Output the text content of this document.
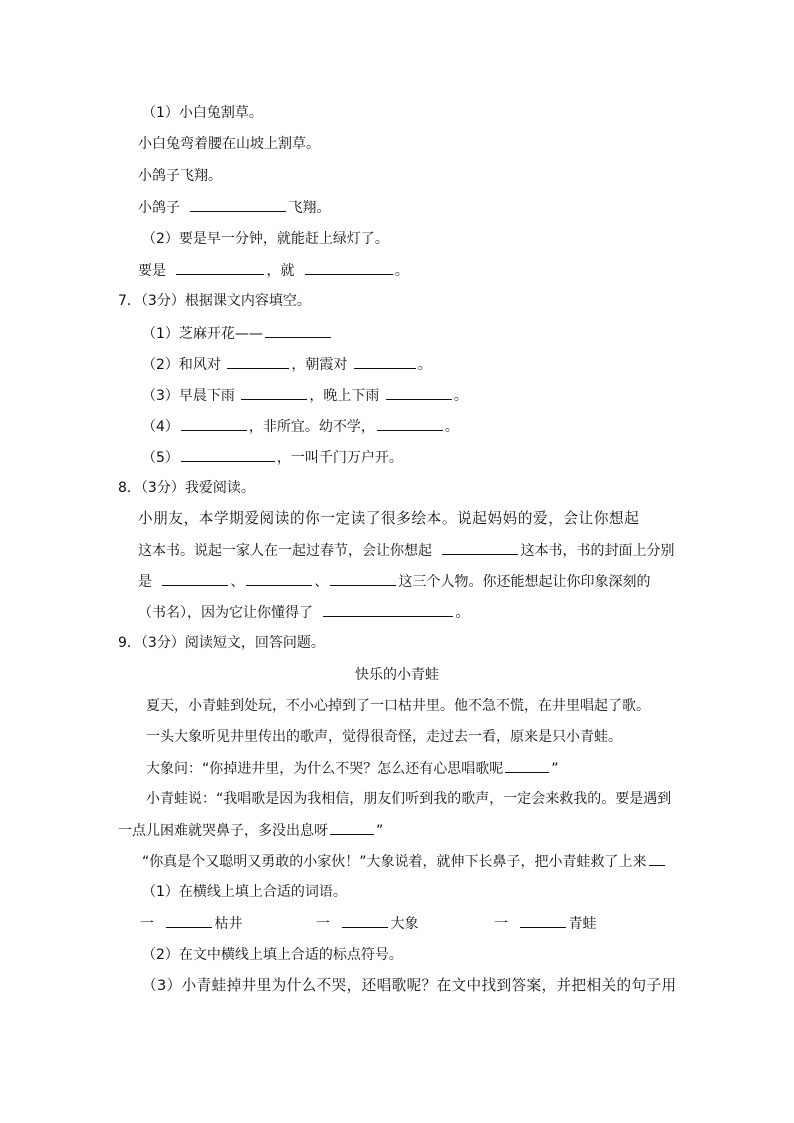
（1）小白兔割草。
小白兔弯着腰在山坡上割草。
小鸽子飞翔。
小鸽子	飞翔。
（2）要是早一分钟，就能赶上绿灯了。
要是	，就	。
7．（3分）根据课文内容填空。
（1）芝麻开花——
（2）和风对	，朝霞对	。
（3）早晨下雨	，晚上下雨	。
（4）	，非所宜。幼不学，	。
（5）	，一叫千门万户开。
8．（3分）我爱阅读。
小朋友，本学期爱阅读的你一定读了很多绘本。说起妈妈的爱，会让你想起
这本书。说起一家人在一起过春节，会让你想起	这本书，书的封面上分别
是	、	、	这三个人物。你还能想起让你印象深刻的
（书名），因为它让你懂得了	。
9．（3分）阅读短文，回答问题。
快乐的小青蛙
夏天，小青蛙到处玩，不小心掉到了一口枯井里。他不急不慌，在井里唱起了歌。
一头大象听见井里传出的歌声，觉得很奇怪，走过去一看，原来是只小青蛙。
大象问：“你掉进井里，为什么不哭？怎么还有心思唱歌呢	”
小青蛙说：“我唱歌是因为我相信，朋友们听到我的歌声，一定会来救我的。要是遇到
一点儿困难就哭鼻子，多没出息呀	”
“你真是个又聪明又勇敢的小家伙！”大象说着，就伸下长鼻子，把小青蛙救了上来
（1）在横线上填上合适的词语。
一	枯井	一	大象	一	青蛙
（2）在文中横线上填上合适的标点符号。
（3）小青蛙掉井里为什么不哭，还唱歌呢？在文中找到答案，并把相关的句子用
